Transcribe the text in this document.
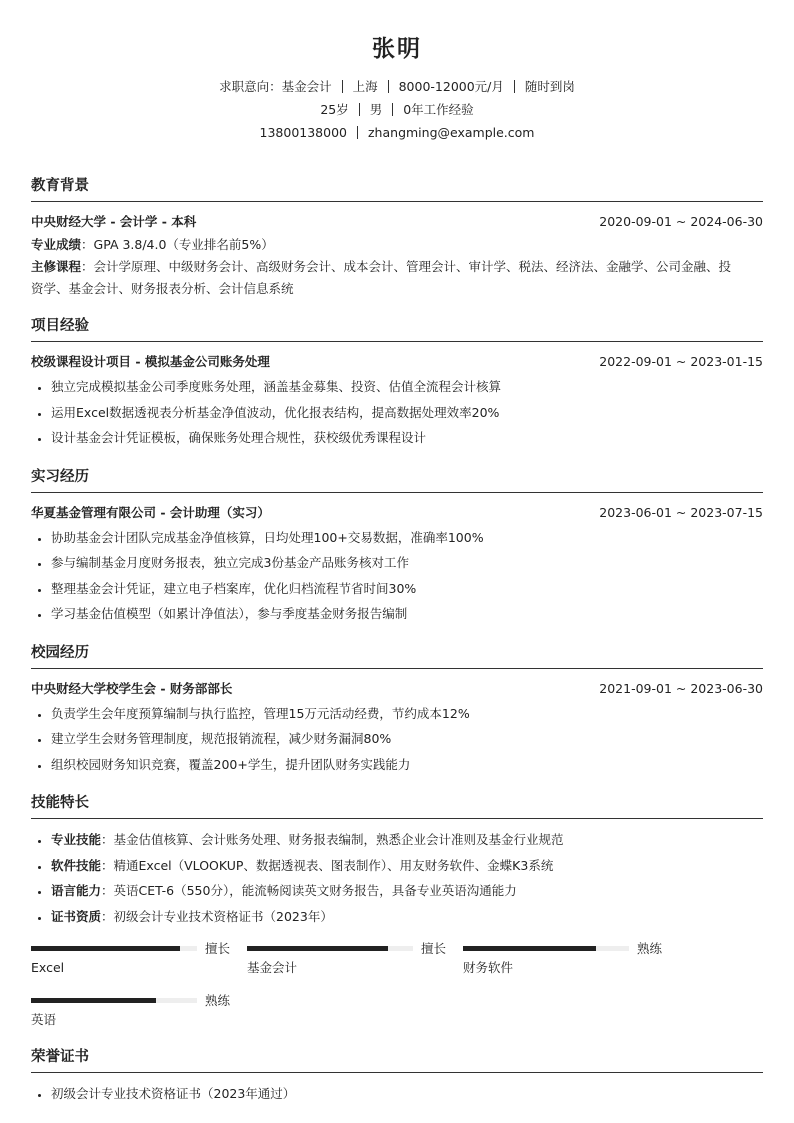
张明
求职意向：基金会计	上海	8000-12000元/月	随时到岗
25岁	男	0年工作经验
13800138000	zhangming@example.com
教育背景
中央财经大学 - 会计学 - 本科	2020-09-01 ~ 2024-06-30
专业成绩：GPA 3.8/4.0（专业排名前5%）
主修课程：会计学原理、中级财务会计、高级财务会计、成本会计、管理会计、审计学、税法、经济法、金融学、公司金融、投
资学、基金会计、财务报表分析、会计信息系统
项目经验
校级课程设计项目 - 模拟基金公司账务处理	2022-09-01 ~ 2023-01-15
• 独立完成模拟基金公司季度账务处理，涵盖基金募集、投资、估值全流程会计核算
• 运用Excel数据透视表分析基金净值波动，优化报表结构，提高数据处理效率20%
• 设计基金会计凭证模板，确保账务处理合规性，获校级优秀课程设计
实习经历
华夏基金管理有限公司 - 会计助理（实习）	2023-06-01 ~ 2023-07-15
• 协助基金会计团队完成基金净值核算，日均处理100+交易数据，准确率100%
• 参与编制基金月度财务报表，独立完成3份基金产品账务核对工作
• 整理基金会计凭证，建立电子档案库，优化归档流程节省时间30%
• 学习基金估值模型（如累计净值法），参与季度基金财务报告编制
校园经历
中央财经大学校学生会 - 财务部部长	2021-09-01 ~ 2023-06-30
• 负责学生会年度预算编制与执行监控，管理15万元活动经费，节约成本12%
• 建立学生会财务管理制度，规范报销流程，减少财务漏洞80%
• 组织校园财务知识竞赛，覆盖200+学生，提升团队财务实践能力
技能特长
• 专业技能：基金估值核算、会计账务处理、财务报表编制，熟悉企业会计准则及基金行业规范
• 软件技能：精通Excel（VLOOKUP、数据透视表、图表制作）、用友财务软件、金蝶K3系统
• 语言能力：英语CET-6（550分），能流畅阅读英文财务报告，具备专业英语沟通能力
• 证书资质：初级会计专业技术资格证书（2023年）
擅长
Excel
擅长
基金会计
熟练
财务软件
熟练
英语
荣誉证书
• 初级会计专业技术资格证书（2023年通过）
